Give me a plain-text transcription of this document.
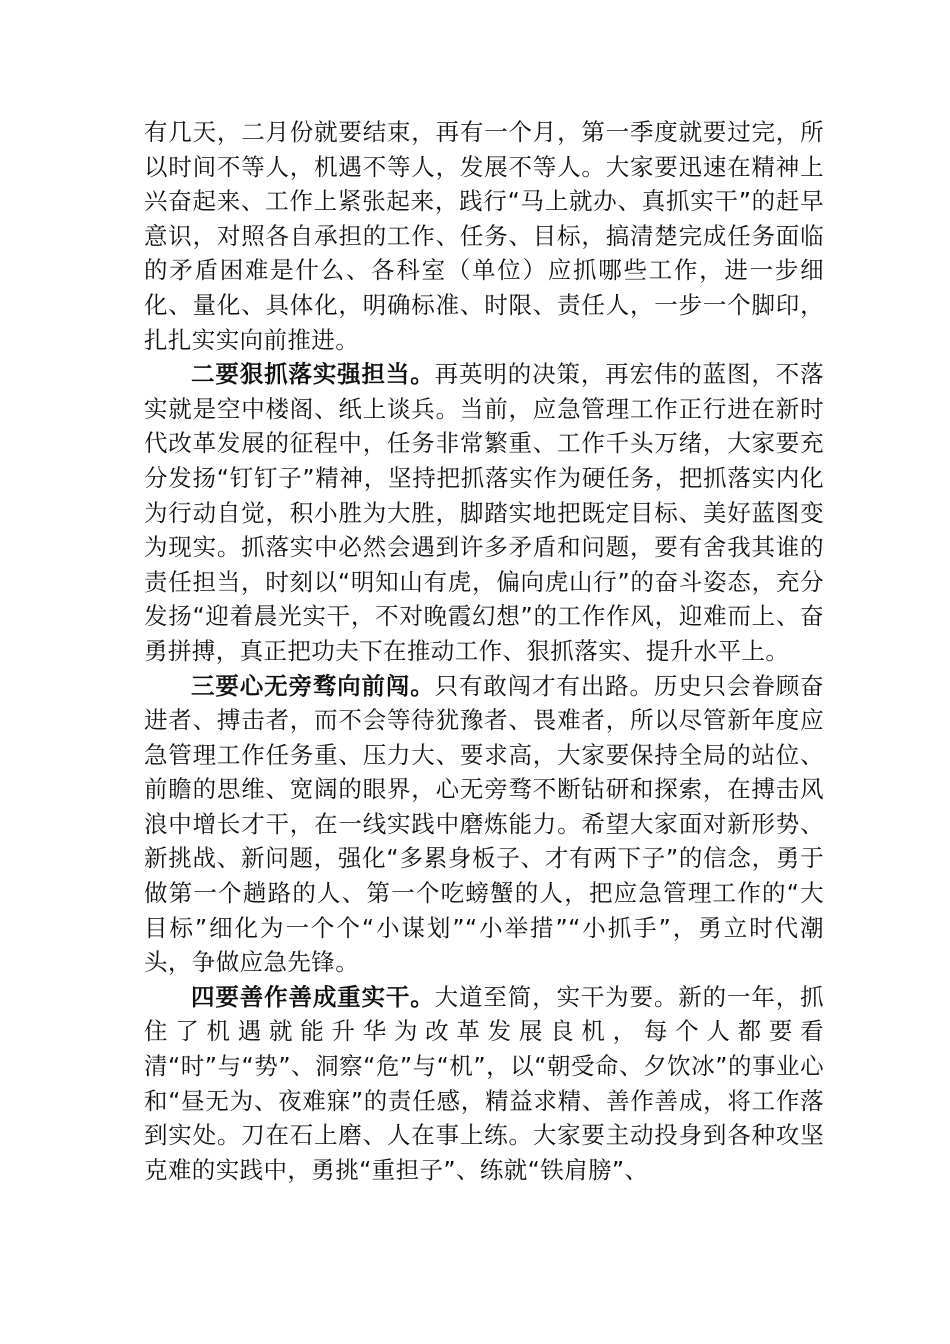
有几天，二月份就要结束，再有一个月，第一季度就要过完，所以时间不等人，机遇不等人，发展不等人。大家要迅速在精神上兴奋起来、工作上紧张起来，践行“马上就办、真抓实干”的赶早意识，对照各自承担的工作、任务、目标，搞清楚完成任务面临的矛盾困难是什么、各科室（单位）应抓哪些工作，进一步细化、量化、具体化，明确标准、时限、责任人，一步一个脚印，扎扎实实向前推进。

二要狠抓落实强担当。再英明的决策，再宏伟的蓝图，不落实就是空中楼阁、纸上谈兵。当前，应急管理工作正行进在新时代改革发展的征程中，任务非常繁重、工作千头万绪，大家要充分发扬“钉钉子”精神，坚持把抓落实作为硬任务，把抓落实内化为行动自觉，积小胜为大胜，脚踏实地把既定目标、美好蓝图变为现实。抓落实中必然会遇到许多矛盾和问题，要有舍我其谁的责任担当，时刻以“明知山有虎，偏向虎山行”的奋斗姿态，充分发扬“迎着晨光实干，不对晚霞幻想”的工作作风，迎难而上、奋勇拼搏，真正把功夫下在推动工作、狠抓落实、提升水平上。

三要心无旁骛向前闯。只有敢闯才有出路。历史只会眷顾奋进者、搏击者，而不会等待犹豫者、畏难者，所以尽管新年度应急管理工作任务重、压力大、要求高，大家要保持全局的站位、前瞻的思维、宽阔的眼界，心无旁骛不断钻研和探索，在搏击风浪中增长才干，在一线实践中磨炼能力。希望大家面对新形势、新挑战、新问题，强化“多累身板子、才有两下子”的信念，勇于做第一个趟路的人、第一个吃螃蟹的人，把应急管理工作的“大目标”细化为一个个“小谋划”“小举措”“小抓手”，勇立时代潮头，争做应急先锋。

四要善作善成重实干。大道至简，实干为要。新的一年，抓住了机遇就能升华为改革发展良机，每个人都要看清“时”与“势”、洞察“危”与“机”，以“朝受命、夕饮冰”的事业心和“昼无为、夜难寐”的责任感，精益求精、善作善成，将工作落到实处。刀在石上磨、人在事上练。大家要主动投身到各种攻坚克难的实践中，勇挑“重担子”、练就“铁肩膀”、
